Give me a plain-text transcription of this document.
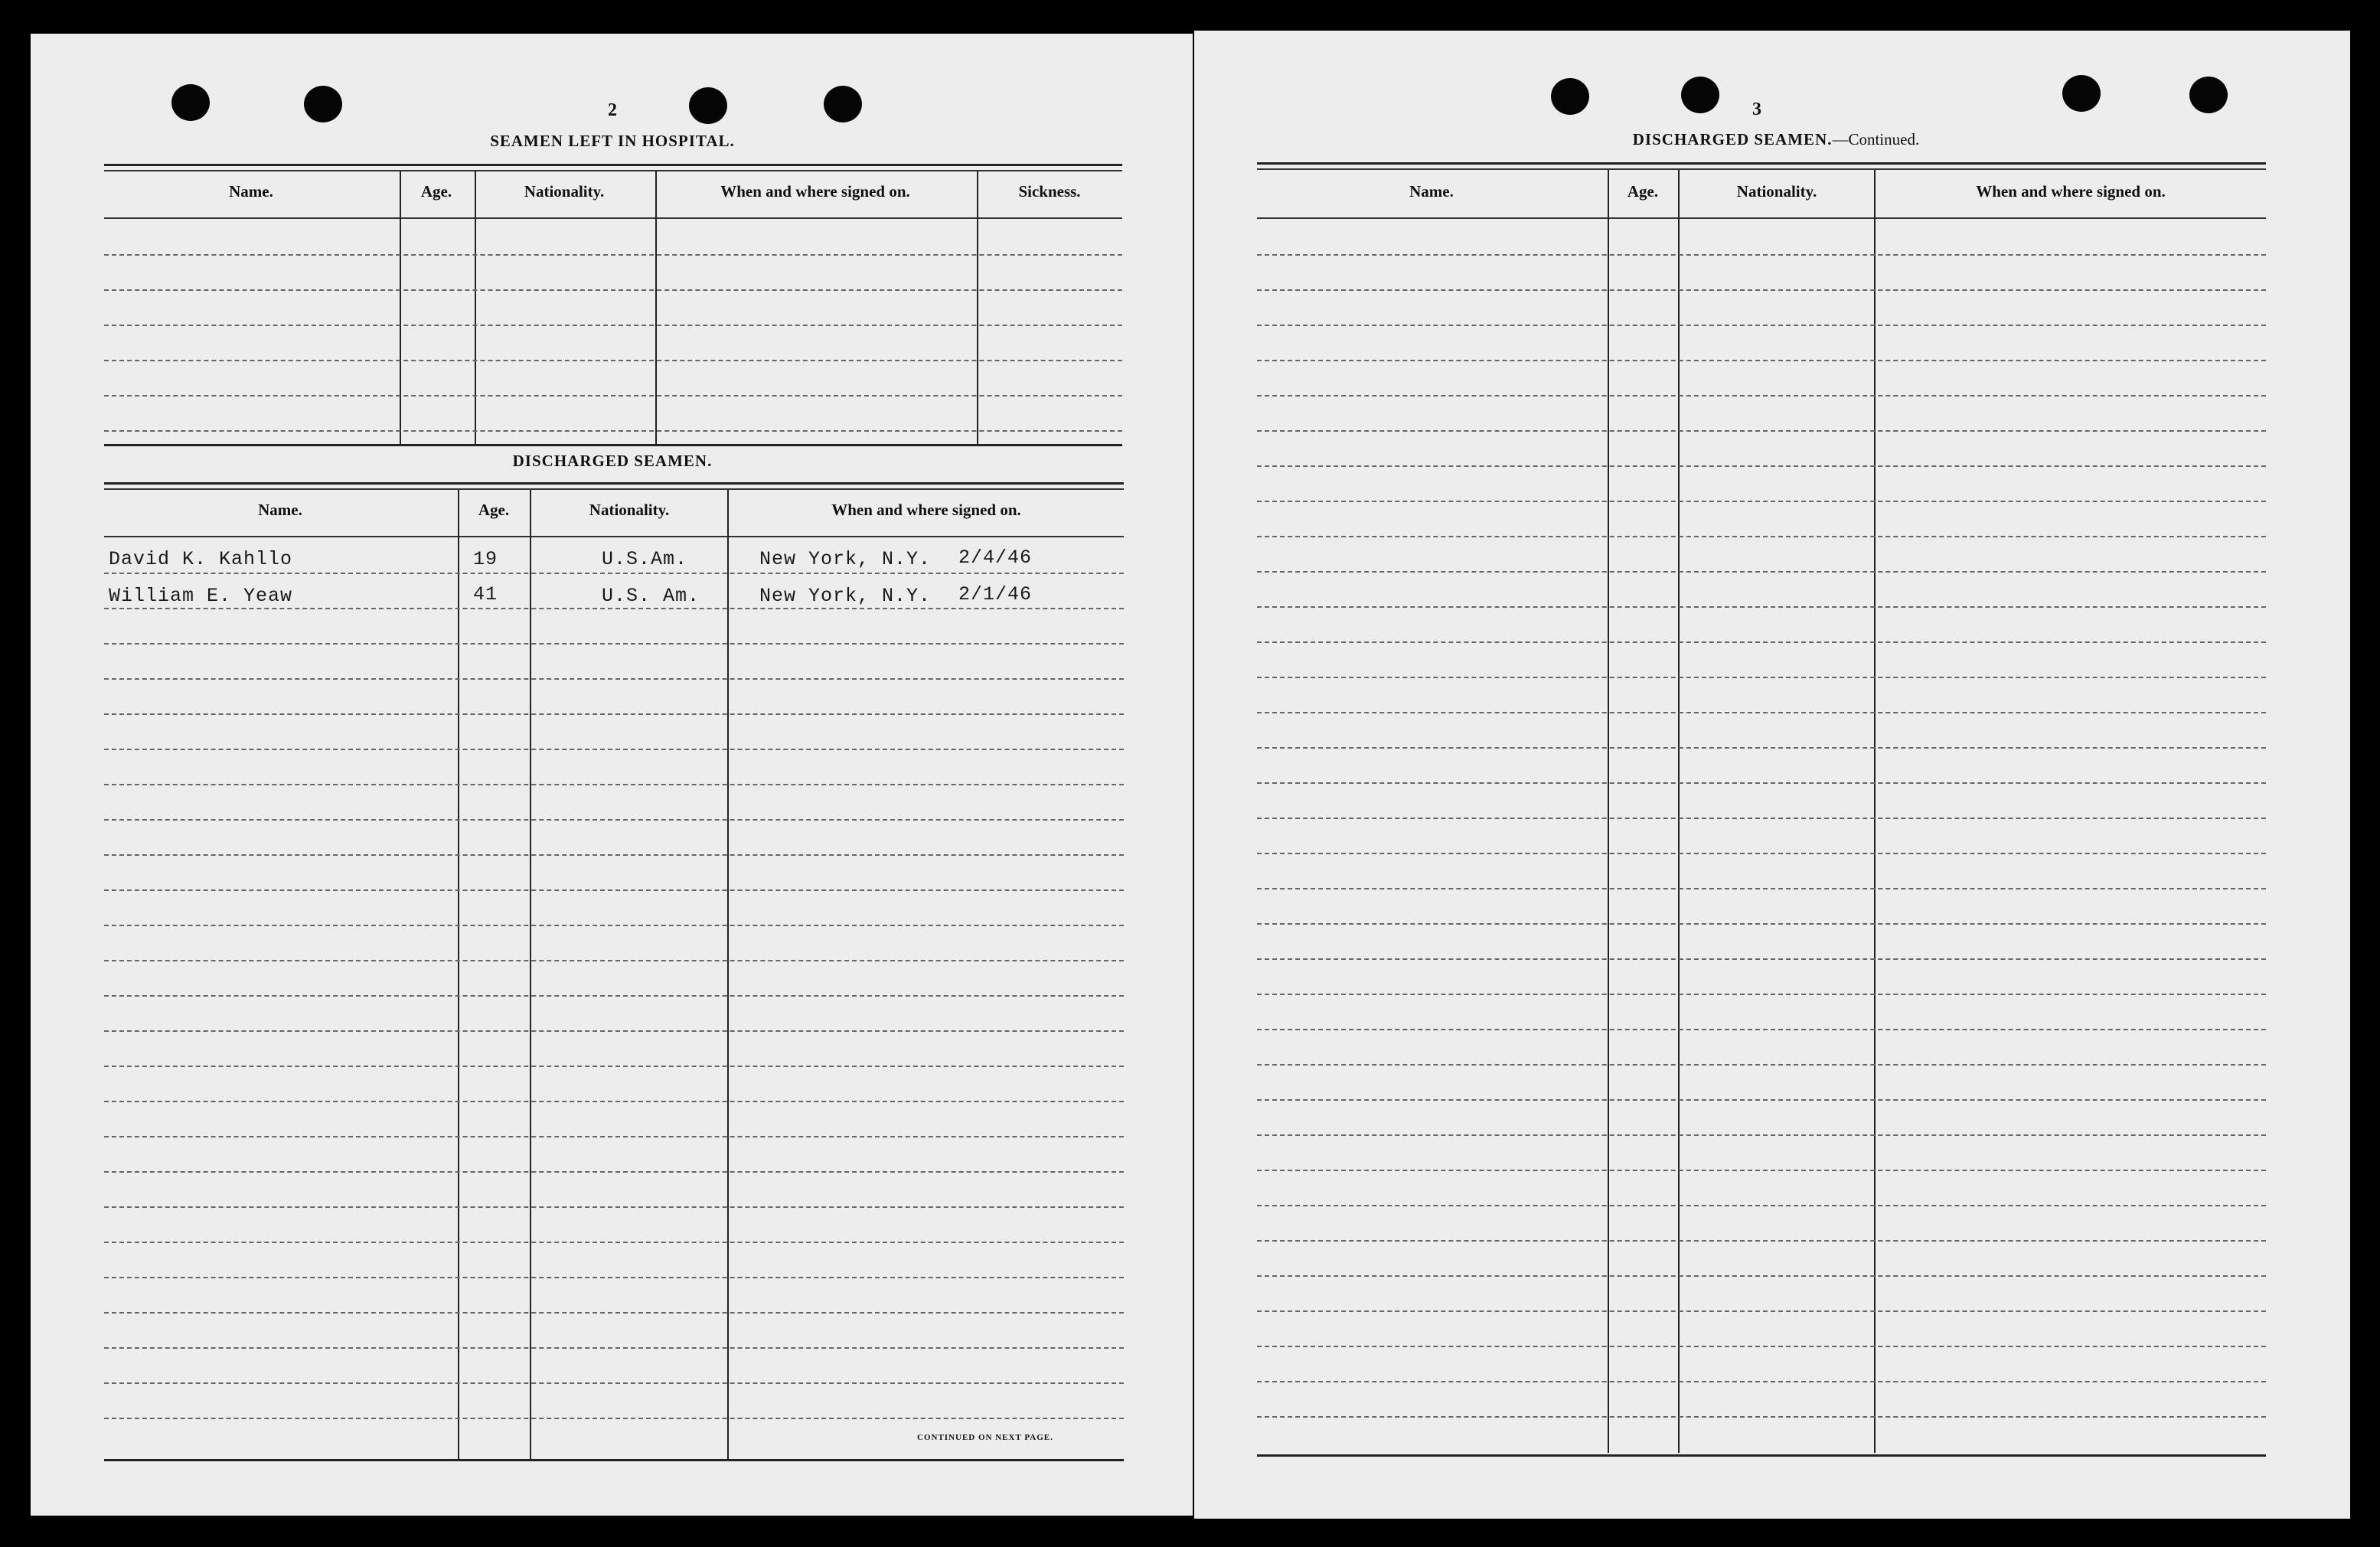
2
SEAMEN LEFT IN HOSPITAL.
Name.	Age.	Nationality.	When and where signed on.	Sickness.
DISCHARGED SEAMEN.
Name.	Age.	Nationality.	When and where signed on.
David K. Kahllo	19	U.S.Am.	New York, N.Y. 2/4/46
William E. Yeaw	41	U.S. Am.	New York, N.Y. 2/1/46
CONTINUED ON NEXT PAGE.
3
DISCHARGED SEAMEN.—Continued.
Name.	Age.	Nationality.	When and where signed on.
